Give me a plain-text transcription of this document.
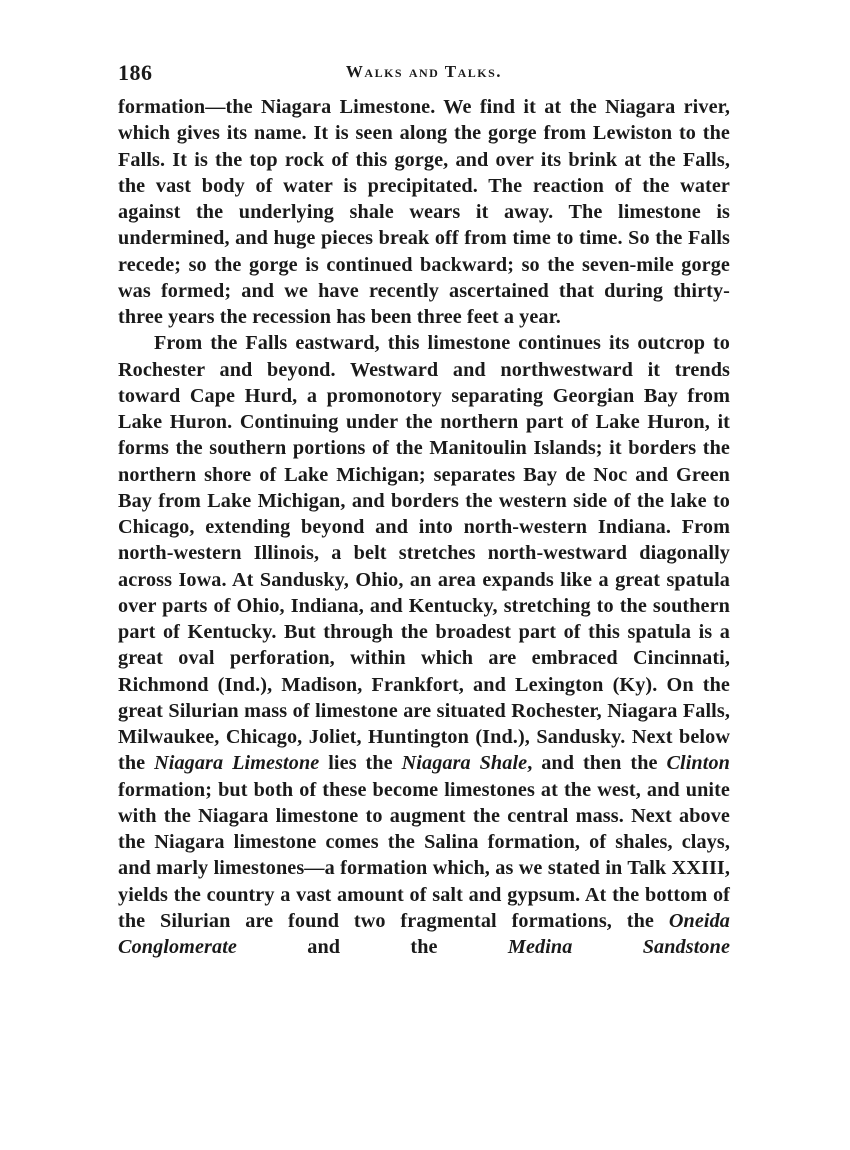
186	Walks and Talks.

formation—the Niagara Limestone. We find it at the Niagara river, which gives its name. It is seen along the gorge from Lewiston to the Falls. It is the top rock of this gorge, and over its brink at the Falls, the vast body of water is precipitated. The reaction of the water against the underlying shale wears it away. The limestone is undermined, and huge pieces break off from time to time. So the Falls recede; so the gorge is continued backward; so the seven-mile gorge was formed; and we have recently ascertained that during thirty-three years the recession has been three feet a year.

From the Falls eastward, this limestone continues its outcrop to Rochester and beyond. Westward and northwestward it trends toward Cape Hurd, a promonotory separating Georgian Bay from Lake Huron. Continuing under the northern part of Lake Huron, it forms the southern portions of the Manitoulin Islands; it borders the northern shore of Lake Michigan; separates Bay de Noc and Green Bay from Lake Michigan, and borders the western side of the lake to Chicago, extending beyond and into north-western Indiana. From north-western Illinois, a belt stretches north-westward diagonally across Iowa. At Sandusky, Ohio, an area expands like a great spatula over parts of Ohio, Indiana, and Kentucky, stretching to the southern part of Kentucky. But through the broadest part of this spatula is a great oval perforation, within which are embraced Cincinnati, Richmond (Ind.), Madison, Frankfort, and Lexington (Ky). On the great Silurian mass of limestone are situated Rochester, Niagara Falls, Milwaukee, Chicago, Joliet, Huntington (Ind.), Sandusky. Next below the Niagara Limestone lies the Niagara Shale, and then the Clinton formation; but both of these become limestones at the west, and unite with the Niagara limestone to augment the central mass. Next above the Niagara limestone comes the Salina formation, of shales, clays, and marly limestones—a formation which, as we stated in Talk XXIII, yields the country a vast amount of salt and gypsum. At the bottom of the Silurian are found two fragmental formations, the Oneida Conglomerate and the Medina Sandstone
